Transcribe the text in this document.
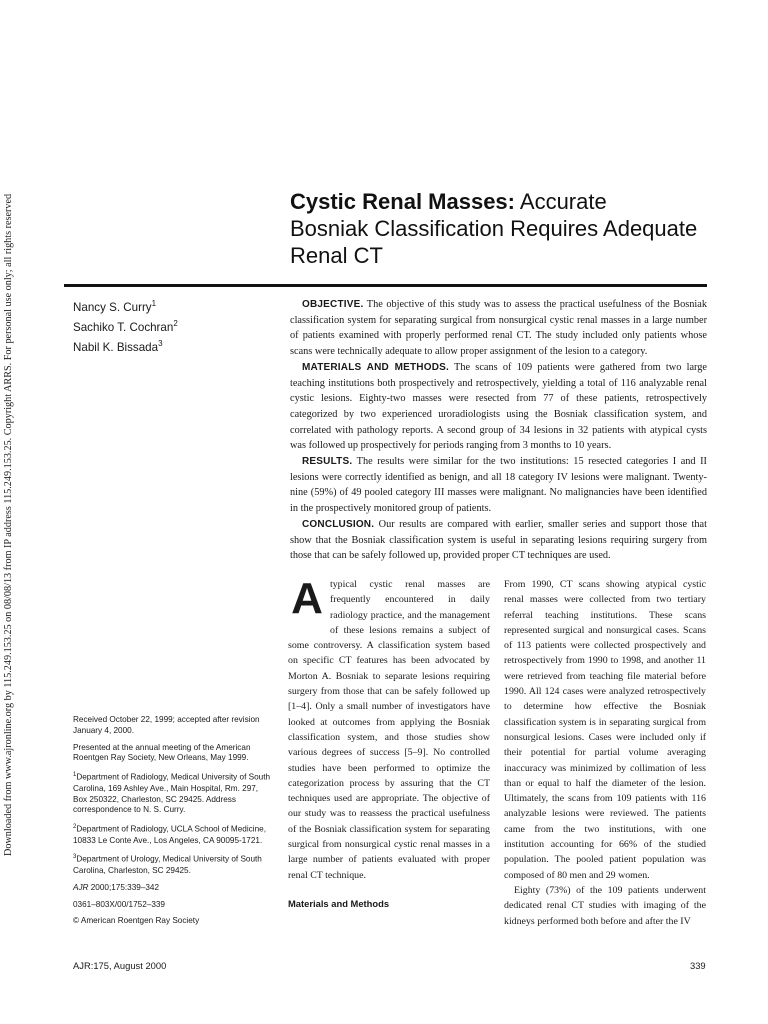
Downloaded from www.ajronline.org by 115.249.153.25 on 08/08/13 from IP address 115.249.153.25. Copyright ARRS. For personal use only; all rights reserved	Cystic Renal Masses: Accurate
Bosniak Classification Requires Adequate
Renal CT
Nancy S. Curry$^1$
Sachiko T. Cochran$^2$
Nabil K. Bissada$^3$

OBJECTIVE. The objective of this study was to assess the practical usefulness of the Bosniak classification system for separating surgical from nonsurgical cystic renal masses in a large number of patients examined with properly performed renal CT. The study included only patients whose scans were technically adequate to allow proper assignment of the lesion to a category.

MATERIALS AND METHODS. The scans of 109 patients were gathered from two large teaching institutions both prospectively and retrospectively, yielding a total of 116 analyzable renal cystic lesions. Eighty-two masses were resected from 77 of these patients, retrospectively categorized by two experienced uroradiologists using the Bosniak classification system, and correlated with pathology reports. A second group of 34 lesions in 32 patients with atypical cysts was followed up prospectively for periods ranging from 3 months to 10 years.

RESULTS. The results were similar for the two institutions: 15 resected categories I and II lesions were correctly identified as benign, and all 18 category IV lesions were malignant. Twenty-nine (59%) of 49 pooled category III masses were malignant. No malignancies have been identified in the prospectively monitored group of patients.

CONCLUSION. Our results are compared with earlier, smaller series and support those that show that the Bosniak classification system is useful in separating lesions requiring surgery from those that can be safely followed up, provided proper CT techniques are used.

Received October 22, 1999; accepted after revision January 4, 2000.

Presented at the annual meeting of the American Roentgen Ray Society, New Orleans, May 1999.

$^1$Department of Radiology, Medical University of South Carolina, 169 Ashley Ave., Main Hospital, Rm. 297, Box 250322, Charleston, SC 29425. Address correspondence to N. S. Curry.

$^2$Department of Radiology, UCLA School of Medicine, 10833 Le Conte Ave., Los Angeles, CA 90095-1721.

$^3$Department of Urology, Medical University of South Carolina, Charleston, SC 29425.

AJR 2000;175:339–342

0361–803X/00/1752–339

© American Roentgen Ray Society

Atypical cystic renal masses are frequently encountered in daily radiology practice, and the management of these lesions remains a subject of some controversy. A classification system based on specific CT features has been advocated by Morton A. Bosniak to separate lesions requiring surgery from those that can be safely followed up [1–4]. Only a small number of investigators have looked at outcomes from applying the Bosniak classification system, and those studies show various degrees of success [5–9]. No controlled studies have been performed to optimize the categorization process by assuring that the CT techniques used are appropriate. The objective of our study was to reassess the practical usefulness of the Bosniak classification system for separating surgical from nonsurgical cystic renal masses in a large number of patients evaluated with proper renal CT technique.

Materials and Methods

From 1990, CT scans showing atypical cystic renal masses were collected from two tertiary referral teaching institutions. These scans represented surgical and nonsurgical cases. Scans of 113 patients were collected prospectively and retrospectively from 1990 to 1998, and another 11 were retrieved from teaching file material before 1990. All 124 cases were analyzed retrospectively to determine how effective the Bosniak classification system is in separating surgical from nonsurgical lesions. Cases were included only if their potential for partial volume averaging inaccuracy was minimized by collimation of less than or equal to half the diameter of the lesion. Ultimately, the scans from 109 patients with 116 analyzable lesions were reviewed. The patients came from the two institutions, with one institution accounting for 66% of the studied population. The pooled patient population was composed of 80 men and 29 women.

Eighty (73%) of the 109 patients underwent dedicated renal CT studies with imaging of the kidneys performed both before and after the IV

AJR:175, August 2000	339
